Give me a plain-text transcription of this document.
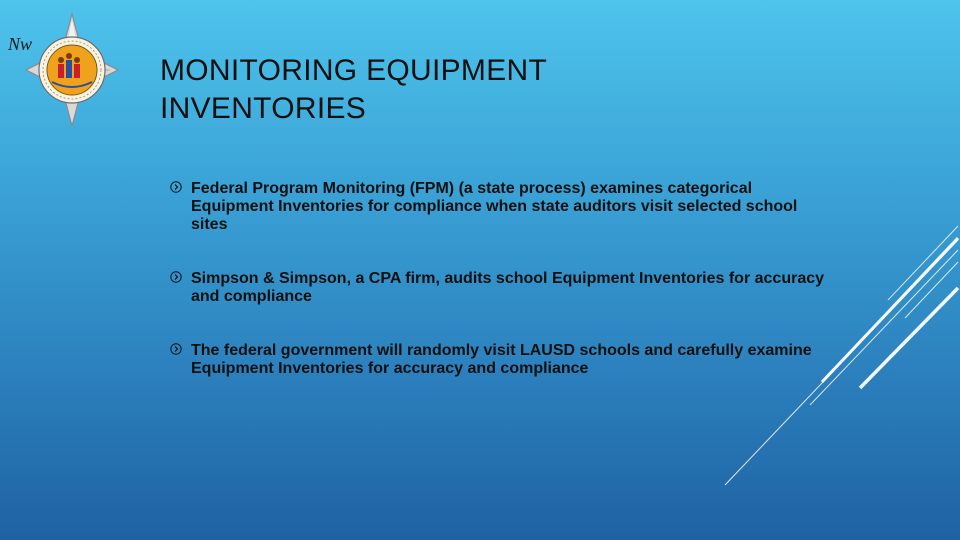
Nw
MONITORING EQUIPMENT
INVENTORIES
Federal Program Monitoring (FPM) (a state process) examines categorical Equipment Inventories for compliance when state auditors visit selected school sites
Simpson & Simpson, a CPA firm, audits school Equipment Inventories for accuracy and compliance
The federal government will randomly visit LAUSD schools and carefully examine Equipment Inventories for accuracy and compliance
